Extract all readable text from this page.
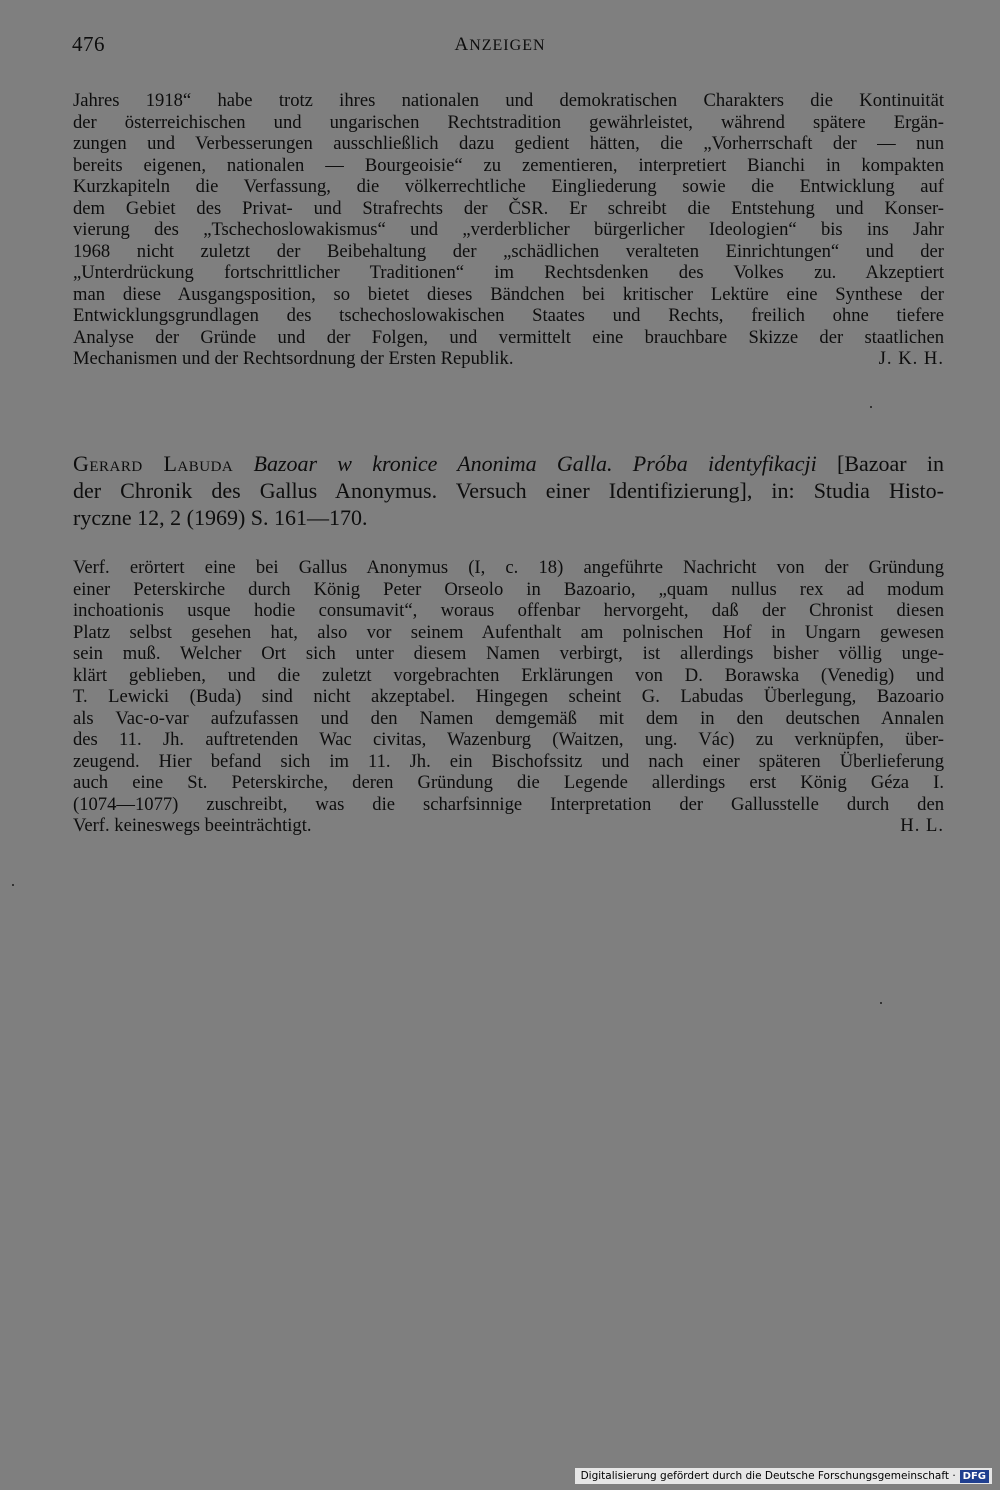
476	ANZEIGEN
Jahres 1918“ habe trotz ihres nationalen und demokratischen Charakters die Kontinuität
der österreichischen und ungarischen Rechtstradition gewährleistet, während spätere Ergän-
zungen und Verbesserungen ausschließlich dazu gedient hätten, die „Vorherrschaft der — nun
bereits eigenen, nationalen — Bourgeoisie“ zu zementieren, interpretiert Bianchi in kompakten
Kurzkapiteln die Verfassung, die völkerrechtliche Eingliederung sowie die Entwicklung auf
dem Gebiet des Privat- und Strafrechts der ČSR. Er schreibt die Entstehung und Konser-
vierung des „Tschechoslowakismus“ und „verderblicher bürgerlicher Ideologien“ bis ins Jahr
1968 nicht zuletzt der Beibehaltung der „schädlichen veralteten Einrichtungen“ und der
„Unterdrückung fortschrittlicher Traditionen“ im Rechtsdenken des Volkes zu. Akzeptiert
man diese Ausgangsposition, so bietet dieses Bändchen bei kritischer Lektüre eine Synthese der
Entwicklungsgrundlagen des tschechoslowakischen Staates und Rechts, freilich ohne tiefere
Analyse der Gründe und der Folgen, und vermittelt eine brauchbare Skizze der staatlichen
Mechanismen und der Rechtsordnung der Ersten Republik.	J. K. H.
Gerard Labuda Bazoar w kronice Anonima Galla. Próba identyfikacji [Bazoar in
der Chronik des Gallus Anonymus. Versuch einer Identifizierung], in: Studia Histo-
ryczne 12, 2 (1969) S. 161—170.
Verf. erörtert eine bei Gallus Anonymus (I, c. 18) angeführte Nachricht von der Gründung
einer Peterskirche durch König Peter Orseolo in Bazoario, „quam nullus rex ad modum
inchoationis usque hodie consumavit“, woraus offenbar hervorgeht, daß der Chronist diesen
Platz selbst gesehen hat, also vor seinem Aufenthalt am polnischen Hof in Ungarn gewesen
sein muß. Welcher Ort sich unter diesem Namen verbirgt, ist allerdings bisher völlig unge-
klärt geblieben, und die zuletzt vorgebrachten Erklärungen von D. Borawska (Venedig) und
T. Lewicki (Buda) sind nicht akzeptabel. Hingegen scheint G. Labudas Überlegung, Bazoario
als Vac-o-var aufzufassen und den Namen demgemäß mit dem in den deutschen Annalen
des 11. Jh. auftretenden Wac civitas, Wazenburg (Waitzen, ung. Vác) zu verknüpfen, über-
zeugend. Hier befand sich im 11. Jh. ein Bischofssitz und nach einer späteren Überlieferung
auch eine St. Peterskirche, deren Gründung die Legende allerdings erst König Géza I.
(1074—1077) zuschreibt, was die scharfsinnige Interpretation der Gallusstelle durch den
Verf. keineswegs beeinträchtigt.	H. L.
Digitalisierung gefördert durch die Deutsche Forschungsgemeinschaft · DFG
